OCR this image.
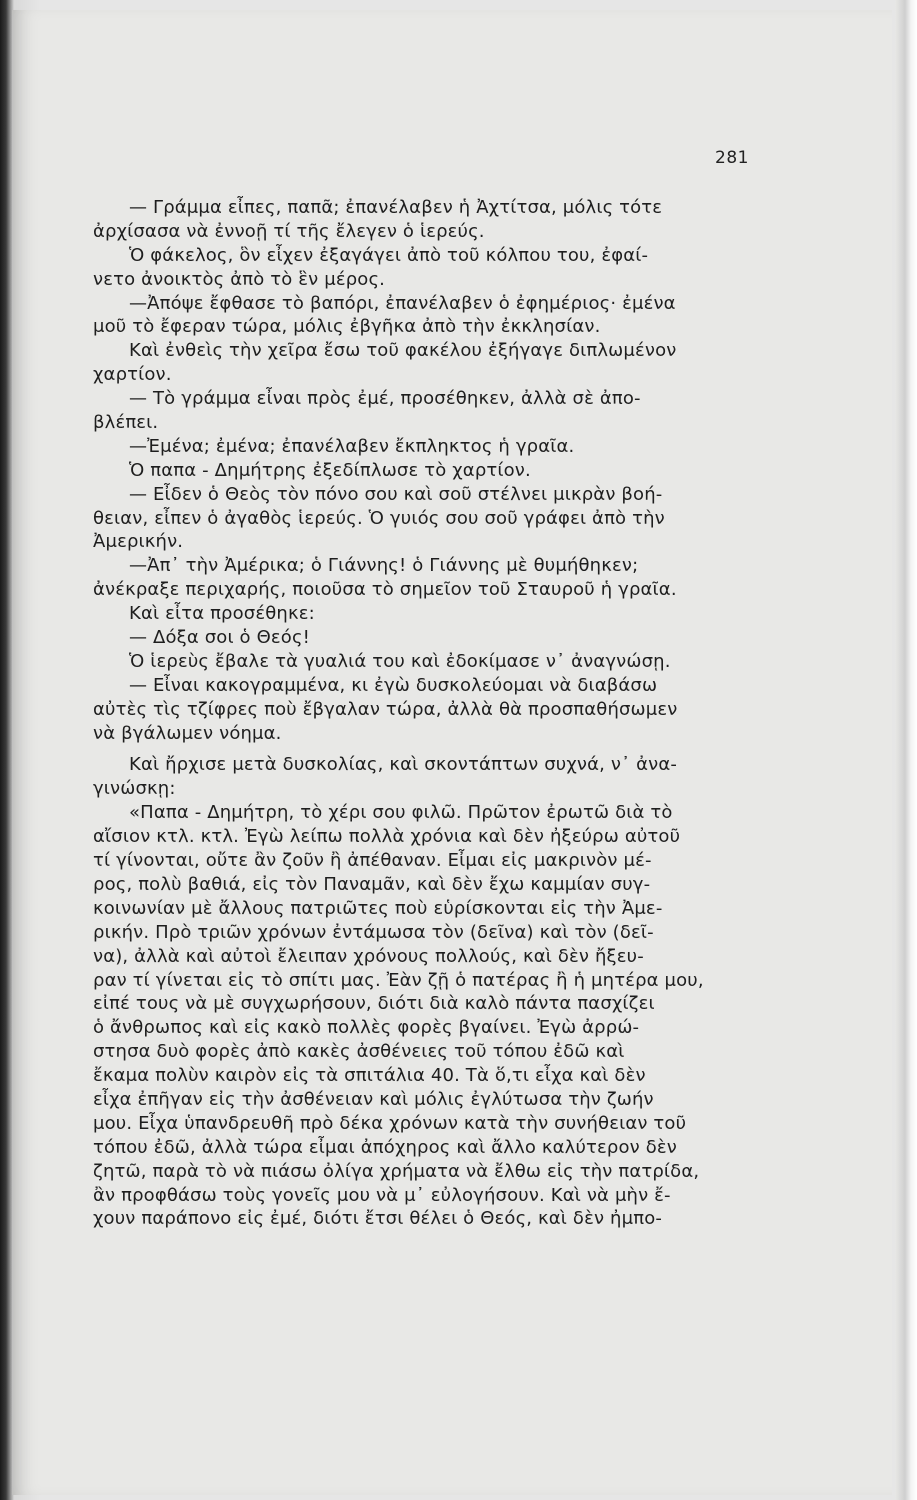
281
— Γράμμα εἶπες, παπᾶ; ἐπανέλαβεν ἡ Ἀχτίτσα, μόλις τότε
ἀρχίσασα νὰ ἐννοῇ τί τῆς ἔλεγεν ὁ ἱερεύς.
Ὁ φάκελος, ὃν εἶχεν ἐξαγάγει ἀπὸ τοῦ κόλπου του, ἐφαί-
νετο ἀνοικτὸς ἀπὸ τὸ ἓν μέρος.
—Ἀπόψε ἔφθασε τὸ βαπόρι, ἐπανέλαβεν ὁ ἐφημέριος· ἐμένα
μοῦ τὸ ἔφεραν τώρα, μόλις ἐβγῆκα ἀπὸ τὴν ἐκκλησίαν.
Καὶ ἐνθεὶς τὴν χεῖρα ἔσω τοῦ φακέλου ἐξήγαγε διπλωμένον
χαρτίον.
— Τὸ γράμμα εἶναι πρὸς ἐμέ, προσέθηκεν, ἀλλὰ σὲ ἀπο-
βλέπει.
—Ἐμένα; ἐμένα; ἐπανέλαβεν ἔκπληκτος ἡ γραῖα.
Ὁ παπα - Δημήτρης ἐξεδίπλωσε τὸ χαρτίον.
— Εἶδεν ὁ Θεὸς τὸν πόνο σου καὶ σοῦ στέλνει μικρὰν βοή-
θειαν, εἶπεν ὁ ἀγαθὸς ἱερεύς. Ὁ γυιός σου σοῦ γράφει ἀπὸ τὴν
Ἀμερικήν.
—Ἀπ᾿ τὴν Ἀμέρικα; ὁ Γιάννης! ὁ Γιάννης μὲ θυμήθηκεν;
ἀνέκραξε περιχαρής, ποιοῦσα τὸ σημεῖον τοῦ Σταυροῦ ἡ γραῖα.
Καὶ εἶτα προσέθηκε:
— Δόξα σοι ὁ Θεός!
Ὁ ἱερεὺς ἔβαλε τὰ γυαλιά του καὶ ἐδοκίμασε ν᾿ ἀναγνώσῃ.
— Εἶναι κακογραμμένα, κι ἐγὼ δυσκολεύομαι νὰ διαβάσω
αὐτὲς τὶς τζίφρες ποὺ ἔβγαλαν τώρα, ἀλλὰ θὰ προσπαθήσωμεν
νὰ βγάλωμεν νόημα.
Καὶ ἤρχισε μετὰ δυσκολίας, καὶ σκοντάπτων συχνά, ν᾿ ἀνα-
γινώσκῃ:
«Παπα - Δημήτρη, τὸ χέρι σου φιλῶ. Πρῶτον ἐρωτῶ διὰ τὸ
αἴσιον κτλ. κτλ. Ἐγὼ λείπω πολλὰ χρόνια καὶ δὲν ἠξεύρω αὐτοῦ
τί γίνονται, οὔτε ἂν ζοῦν ἢ ἀπέθαναν. Εἶμαι εἰς μακρινὸν μέ-
ρος, πολὺ βαθιά, εἰς τὸν Παναμᾶν, καὶ δὲν ἔχω καμμίαν συγ-
κοινωνίαν μὲ ἄλλους πατριῶτες ποὺ εὑρίσκονται εἰς τὴν Ἀμε-
ρικήν. Πρὸ τριῶν χρόνων ἐντάμωσα τὸν (δεῖνα) καὶ τὸν (δεῖ-
να), ἀλλὰ καὶ αὐτοὶ ἔλειπαν χρόνους πολλούς, καὶ δὲν ἤξευ-
ραν τί γίνεται εἰς τὸ σπίτι μας. Ἐὰν ζῇ ὁ πατέρας ἢ ἡ μητέρα μου,
εἰπέ τους νὰ μὲ συγχωρήσουν, διότι διὰ καλὸ πάντα πασχίζει
ὁ ἄνθρωπος καὶ εἰς κακὸ πολλὲς φορὲς βγαίνει. Ἐγὼ ἀρρώ-
στησα δυὸ φορὲς ἀπὸ κακὲς ἀσθένειες τοῦ τόπου ἐδῶ καὶ
ἔκαμα πολὺν καιρὸν εἰς τὰ σπιτάλια 40. Τὰ ὅ,τι εἶχα καὶ δὲν
εἶχα ἐπῆγαν εἰς τὴν ἀσθένειαν καὶ μόλις ἐγλύτωσα τὴν ζωήν
μου. Εἶχα ὑπανδρευθῆ πρὸ δέκα χρόνων κατὰ τὴν συνήθειαν τοῦ
τόπου ἐδῶ, ἀλλὰ τώρα εἶμαι ἀπόχηρος καὶ ἄλλο καλύτερον δὲν
ζητῶ, παρὰ τὸ νὰ πιάσω ὀλίγα χρήματα νὰ ἔλθω εἰς τὴν πατρίδα,
ἂν προφθάσω τοὺς γονεῖς μου νὰ μ᾿ εὐλογήσουν. Καὶ νὰ μὴν ἔ-
χουν παράπονο εἰς ἐμέ, διότι ἔτσι θέλει ὁ Θεός, καὶ δὲν ἠμπο-
